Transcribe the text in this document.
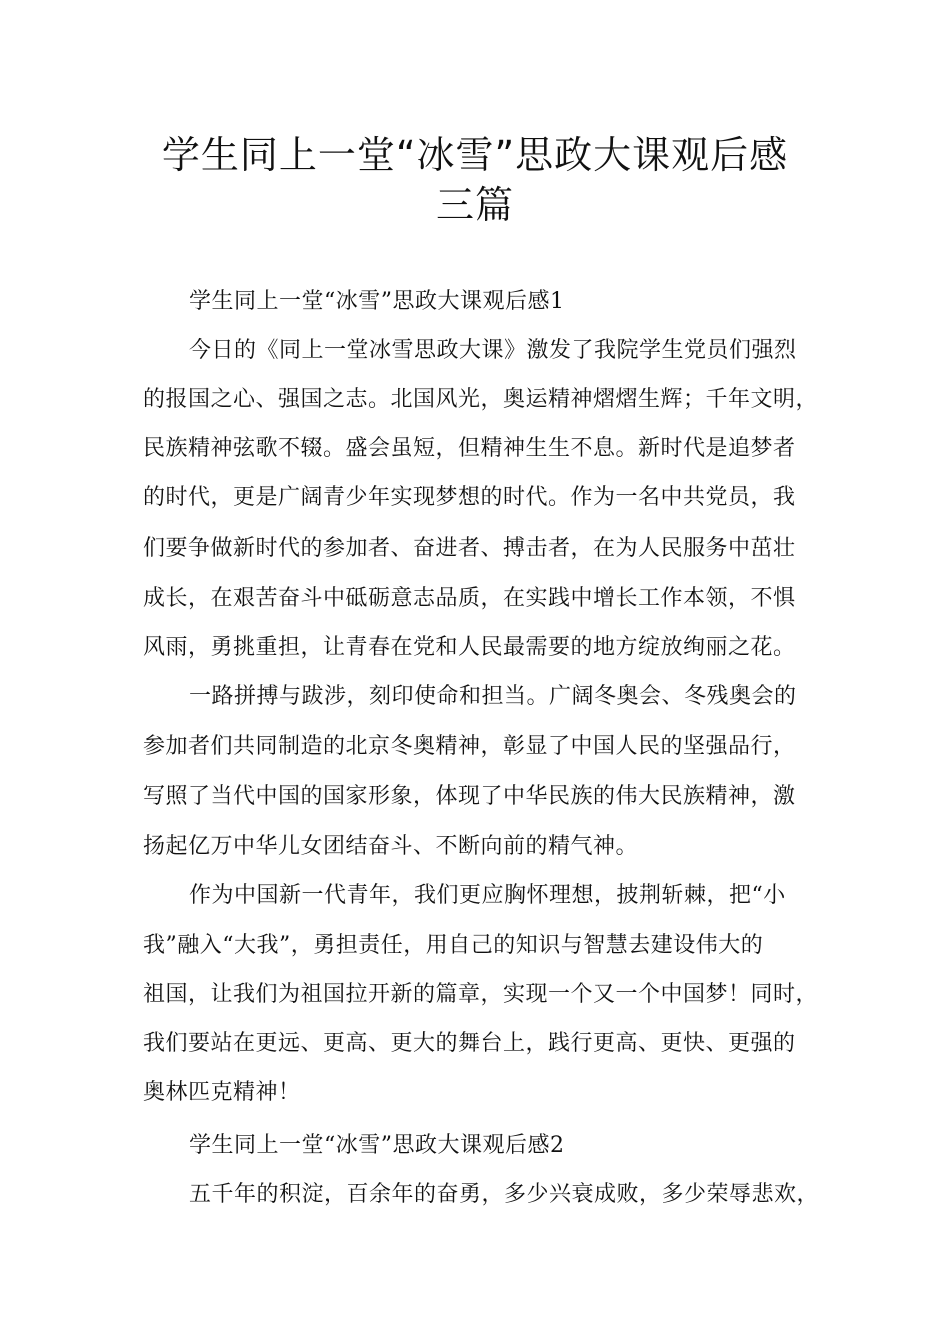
学生同上一堂“冰雪”思政大课观后感
三篇
学生同上一堂“冰雪”思政大课观后感1
今日的《同上一堂冰雪思政大课》激发了我院学生党员们强烈
的报国之心、强国之志。北国风光，奥运精神熠熠生辉；千年文明，
民族精神弦歌不辍。盛会虽短，但精神生生不息。新时代是追梦者
的时代，更是广阔青少年实现梦想的时代。作为一名中共党员，我
们要争做新时代的参加者、奋进者、搏击者，在为人民服务中茁壮
成长，在艰苦奋斗中砥砺意志品质，在实践中增长工作本领，不惧
风雨，勇挑重担，让青春在党和人民最需要的地方绽放绚丽之花。
一路拼搏与跋涉，刻印使命和担当。广阔冬奥会、冬残奥会的
参加者们共同制造的北京冬奥精神，彰显了中国人民的坚强品行，
写照了当代中国的国家形象，体现了中华民族的伟大民族精神，激
扬起亿万中华儿女团结奋斗、不断向前的精气神。
作为中国新一代青年，我们更应胸怀理想，披荆斩棘，把“小
我”融入“大我”，勇担责任，用自己的知识与智慧去建设伟大的
祖国，让我们为祖国拉开新的篇章，实现一个又一个中国梦！同时，
我们要站在更远、更高、更大的舞台上，践行更高、更快、更强的
奥林匹克精神！
学生同上一堂“冰雪”思政大课观后感2
五千年的积淀，百余年的奋勇，多少兴衰成败，多少荣辱悲欢，
